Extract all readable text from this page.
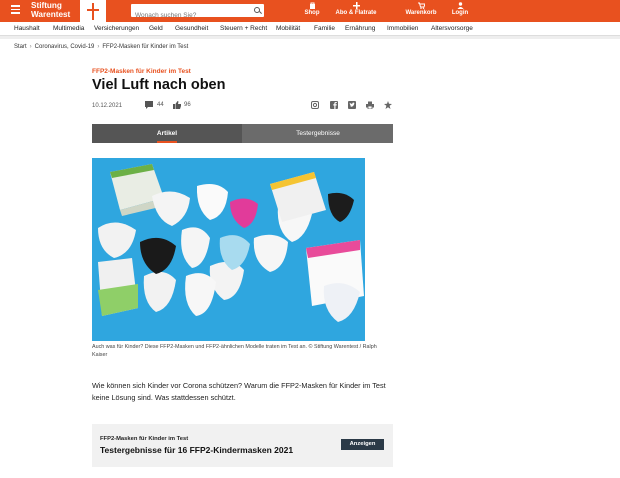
Stiftung
Warentest
Wonach suchen Sie?	Shop	Abo & Flatrate	Warenkorb	Login
Haushalt Multimedia Versicherungen Geld Gesundheit Steuern + Recht Mobilität Familie Ernährung Immobilien Altersvorsorge
Start › Coronavirus, Covid-19 › FFP2-Masken für Kinder im Test
FFP2-Masken für Kinder im Test
Viel Luft nach oben
10.12.2021	44	96
Artikel	Testergebnisse
Auch was für Kinder? Diese FFP2-Masken und FFP2-ähnlichen Modelle traten im Test an. © Stiftung Warentest / Ralph Kaiser
Wie können sich Kinder vor Corona schützen? Warum die FFP2-Masken für Kinder im Test keine Lösung sind. Was stattdessen schützt.
FFP2-Masken für Kinder im Test
Testergebnisse für 16 FFP2-Kindermasken 2021
Anzeigen
